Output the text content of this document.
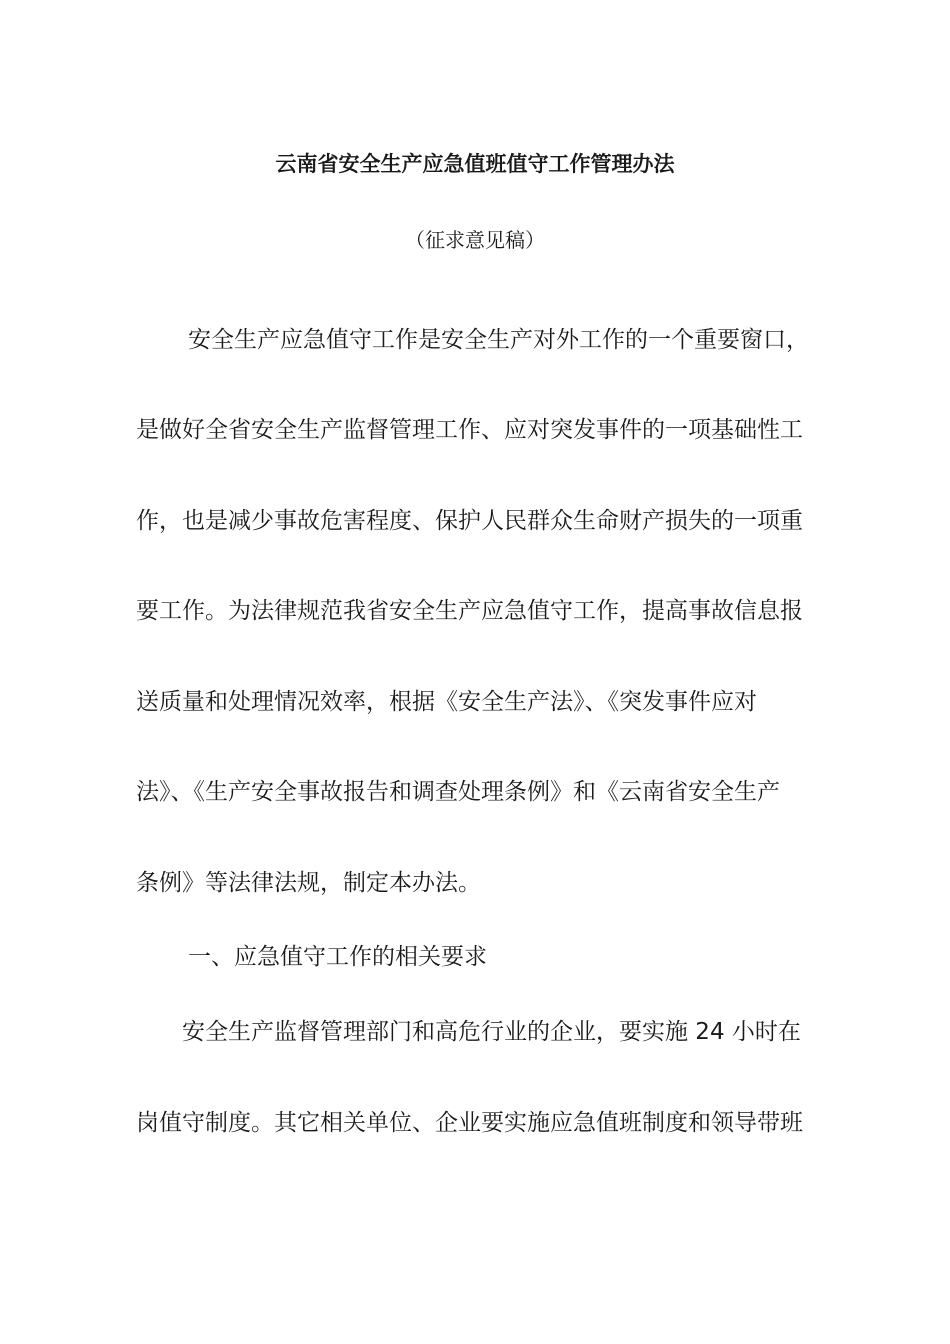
云南省安全生产应急值班值守工作管理办法
（征求意见稿）
安全生产应急值守工作是安全生产对外工作的一个重要窗口，
是做好全省安全生产监督管理工作、应对突发事件的一项基础性工
作，也是减少事故危害程度、保护人民群众生命财产损失的一项重
要工作。为法律规范我省安全生产应急值守工作，提高事故信息报
送质量和处理情况效率，根据《安全生产法》、《突发事件应对
法》、《生产安全事故报告和调查处理条例》和《云南省安全生产
条例》等法律法规，制定本办法。
一、应急值守工作的相关要求
安全生产监督管理部门和高危行业的企业，要实施 24 小时在
岗值守制度。其它相关单位、企业要实施应急值班制度和领导带班
